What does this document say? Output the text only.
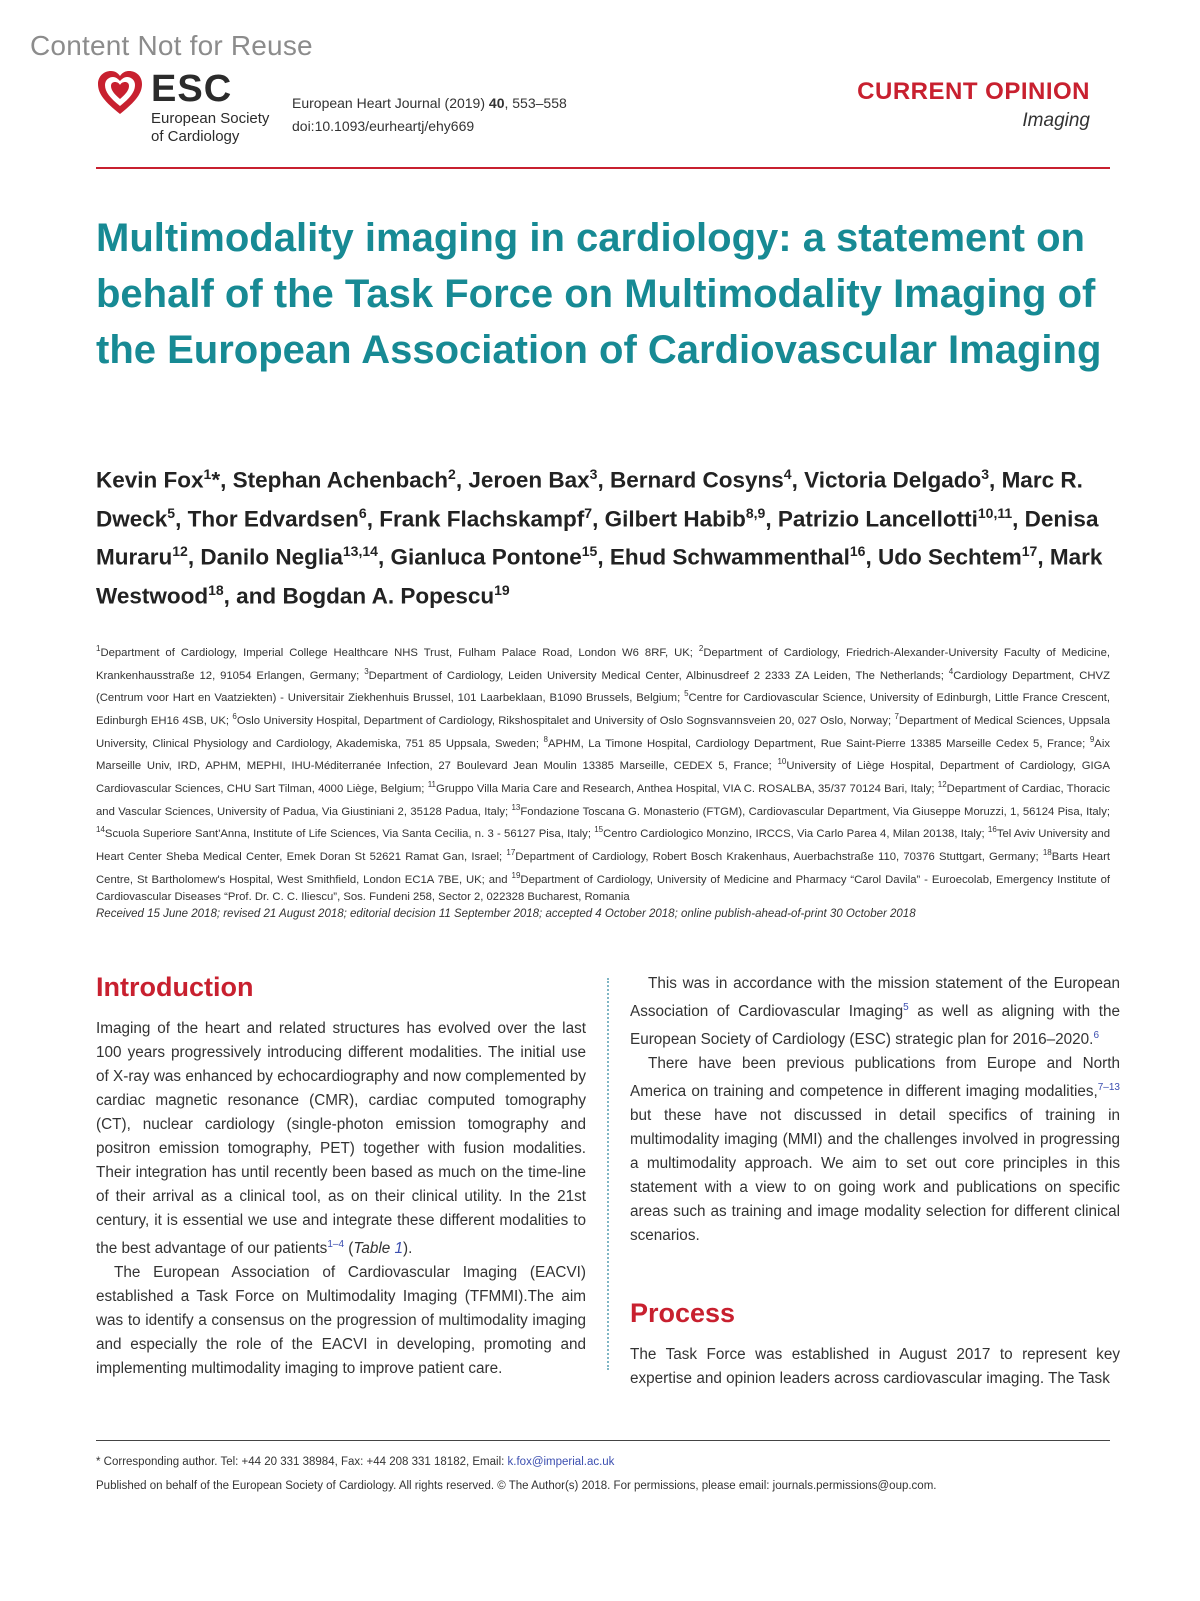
Content Not for Reuse
ESC
European Society
of Cardiology
European Heart Journal (2019) 40, 553–558
doi:10.1093/eurheartj/ehy669
CURRENT OPINION
Imaging
Multimodality imaging in cardiology: a statement on behalf of the Task Force on Multimodality Imaging of the European Association of Cardiovascular Imaging
Kevin Fox$^1$*, Stephan Achenbach$^2$, Jeroen Bax$^3$, Bernard Cosyns$^4$, Victoria Delgado$^3$, Marc R. Dweck$^5$, Thor Edvardsen$^6$, Frank Flachskampf$^7$, Gilbert Habib$^{8,9}$, Patrizio Lancellotti$^{10,11}$, Denisa Muraru$^{12}$, Danilo Neglia$^{13,14}$, Gianluca Pontone$^{15}$, Ehud Schwammenthal$^{16}$, Udo Sechtem$^{17}$, Mark Westwood$^{18}$, and Bogdan A. Popescu$^{19}$
$^1$Department of Cardiology, Imperial College Healthcare NHS Trust, Fulham Palace Road, London W6 8RF, UK; $^2$Department of Cardiology, Friedrich-Alexander-University Faculty of Medicine, Krankenhausstraße 12, 91054 Erlangen, Germany; $^3$Department of Cardiology, Leiden University Medical Center, Albinusdreef 2 2333 ZA Leiden, The Netherlands; $^4$Cardiology Department, CHVZ (Centrum voor Hart en Vaatziekten) - Universitair Ziekhenhuis Brussel, 101 Laarbeklaan, B1090 Brussels, Belgium; $^5$Centre for Cardiovascular Science, University of Edinburgh, Little France Crescent, Edinburgh EH16 4SB, UK; $^6$Oslo University Hospital, Department of Cardiology, Rikshospitalet and University of Oslo Sognsvannsveien 20, 027 Oslo, Norway; $^7$Department of Medical Sciences, Uppsala University, Clinical Physiology and Cardiology, Akademiska, 751 85 Uppsala, Sweden; $^8$APHM, La Timone Hospital, Cardiology Department, Rue Saint-Pierre 13385 Marseille Cedex 5, France; $^9$Aix Marseille Univ, IRD, APHM, MEPHI, IHU-Méditerranée Infection, 27 Boulevard Jean Moulin 13385 Marseille, CEDEX 5, France; $^{10}$University of Liège Hospital, Department of Cardiology, GIGA Cardiovascular Sciences, CHU Sart Tilman, 4000 Liège, Belgium; $^{11}$Gruppo Villa Maria Care and Research, Anthea Hospital, VIA C. ROSALBA, 35/37 70124 Bari, Italy; $^{12}$Department of Cardiac, Thoracic and Vascular Sciences, University of Padua, Via Giustiniani 2, 35128 Padua, Italy; $^{13}$Fondazione Toscana G. Monasterio (FTGM), Cardiovascular Department, Via Giuseppe Moruzzi, 1, 56124 Pisa, Italy; $^{14}$Scuola Superiore Sant'Anna, Institute of Life Sciences, Via Santa Cecilia, n. 3 - 56127 Pisa, Italy; $^{15}$Centro Cardiologico Monzino, IRCCS, Via Carlo Parea 4, Milan 20138, Italy; $^{16}$Tel Aviv University and Heart Center Sheba Medical Center, Emek Doran St 52621 Ramat Gan, Israel; $^{17}$Department of Cardiology, Robert Bosch Krakenhaus, Auerbachstraße 110, 70376 Stuttgart, Germany; $^{18}$Barts Heart Centre, St Bartholomew's Hospital, West Smithfield, London EC1A 7BE, UK; and $^{19}$Department of Cardiology, University of Medicine and Pharmacy “Carol Davila” - Euroecolab, Emergency Institute of Cardiovascular Diseases “Prof. Dr. C. C. Iliescu”, Sos. Fundeni 258, Sector 2, 022328 Bucharest, Romania
Received 15 June 2018; revised 21 August 2018; editorial decision 11 September 2018; accepted 4 October 2018; online publish-ahead-of-print 30 October 2018
Introduction

Imaging of the heart and related structures has evolved over the last 100 years progressively introducing different modalities. The initial use of X-ray was enhanced by echocardiography and now complemented by cardiac magnetic resonance (CMR), cardiac computed tomography (CT), nuclear cardiology (single-photon emission tomography and positron emission tomography, PET) together with fusion modalities. Their integration has until recently been based as much on the time-line of their arrival as a clinical tool, as on their clinical utility. In the 21st century, it is essential we use and integrate these different modalities to the best advantage of our patients$^{1-4}$ (Table 1).

The European Association of Cardiovascular Imaging (EACVI) established a Task Force on Multimodality Imaging (TFMMI).The aim was to identify a consensus on the progression of multimodality imaging and especially the role of the EACVI in developing, promoting and implementing multimodality imaging to improve patient care.

This was in accordance with the mission statement of the European Association of Cardiovascular Imaging$^5$ as well as aligning with the European Society of Cardiology (ESC) strategic plan for 2016–2020.$^6$

There have been previous publications from Europe and North America on training and competence in different imaging modalities,$^{7-13}$ but these have not discussed in detail specifics of training in multimodality imaging (MMI) and the challenges involved in progressing a multimodality approach. We aim to set out core principles in this statement with a view to on going work and publications on specific areas such as training and image modality selection for different clinical scenarios.

Process

The Task Force was established in August 2017 to represent key expertise and opinion leaders across cardiovascular imaging. The Task

* Corresponding author. Tel: +44 20 331 38984, Fax: +44 208 331 18182, Email: k.fox@imperial.ac.uk
Published on behalf of the European Society of Cardiology. All rights reserved. © The Author(s) 2018. For permissions, please email: journals.permissions@oup.com.
